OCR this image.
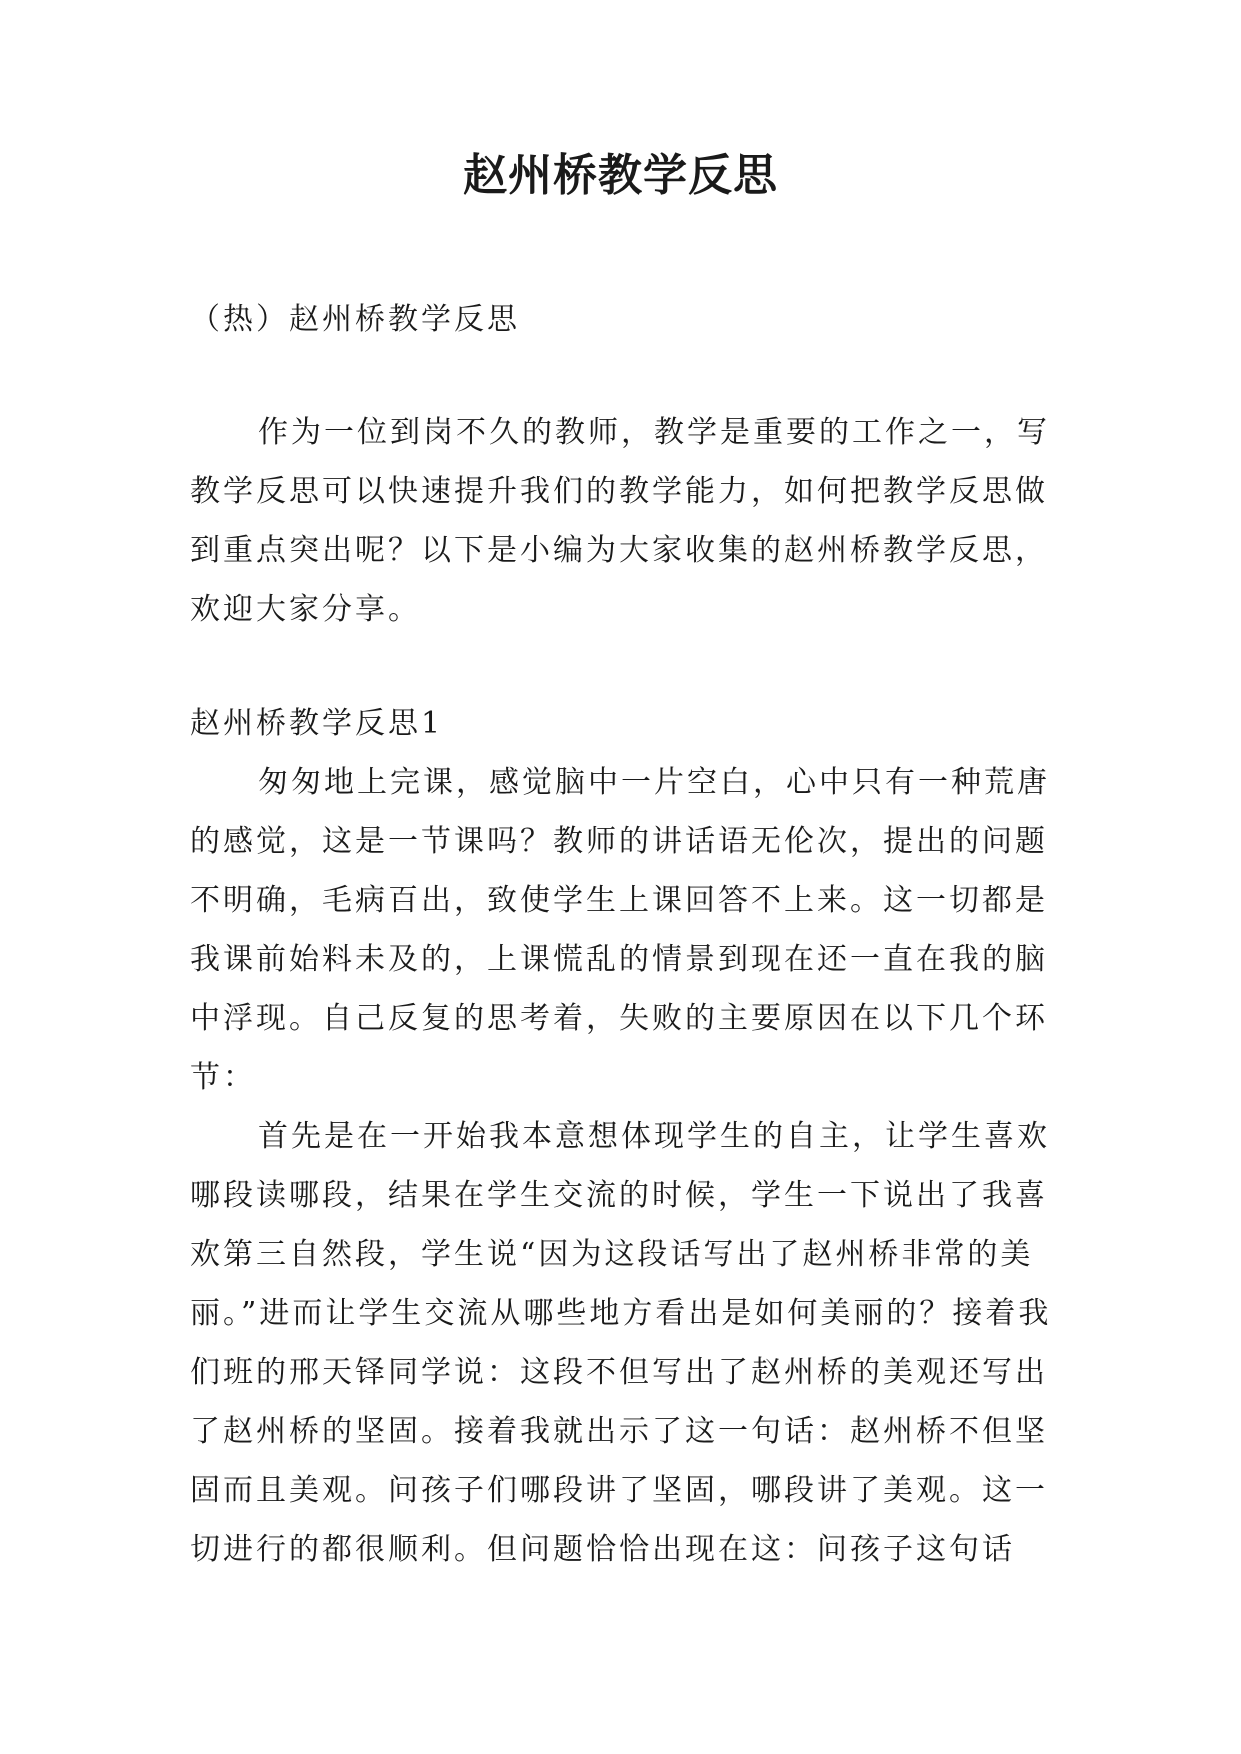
赵州桥教学反思
（热）赵州桥教学反思

作为一位到岗不久的教师，教学是重要的工作之一，写教学反思可以快速提升我们的教学能力，如何把教学反思做到重点突出呢？以下是小编为大家收集的赵州桥教学反思，欢迎大家分享。

赵州桥教学反思1

匆匆地上完课，感觉脑中一片空白，心中只有一种荒唐的感觉，这是一节课吗？教师的讲话语无伦次，提出的问题不明确，毛病百出，致使学生上课回答不上来。这一切都是我课前始料未及的，上课慌乱的情景到现在还一直在我的脑中浮现。自己反复的思考着，失败的主要原因在以下几个环节：

首先是在一开始我本意想体现学生的自主，让学生喜欢哪段读哪段，结果在学生交流的时候，学生一下说出了我喜欢第三自然段，学生说“因为这段话写出了赵州桥非常的美丽。”进而让学生交流从哪些地方看出是如何美丽的？接着我们班的邢天铎同学说：这段不但写出了赵州桥的美观还写出了赵州桥的坚固。接着我就出示了这一句话：赵州桥不但坚固而且美观。问孩子们哪段讲了坚固，哪段讲了美观。这一切进行的都很顺利。但问题恰恰出现在这：问孩子这句话
